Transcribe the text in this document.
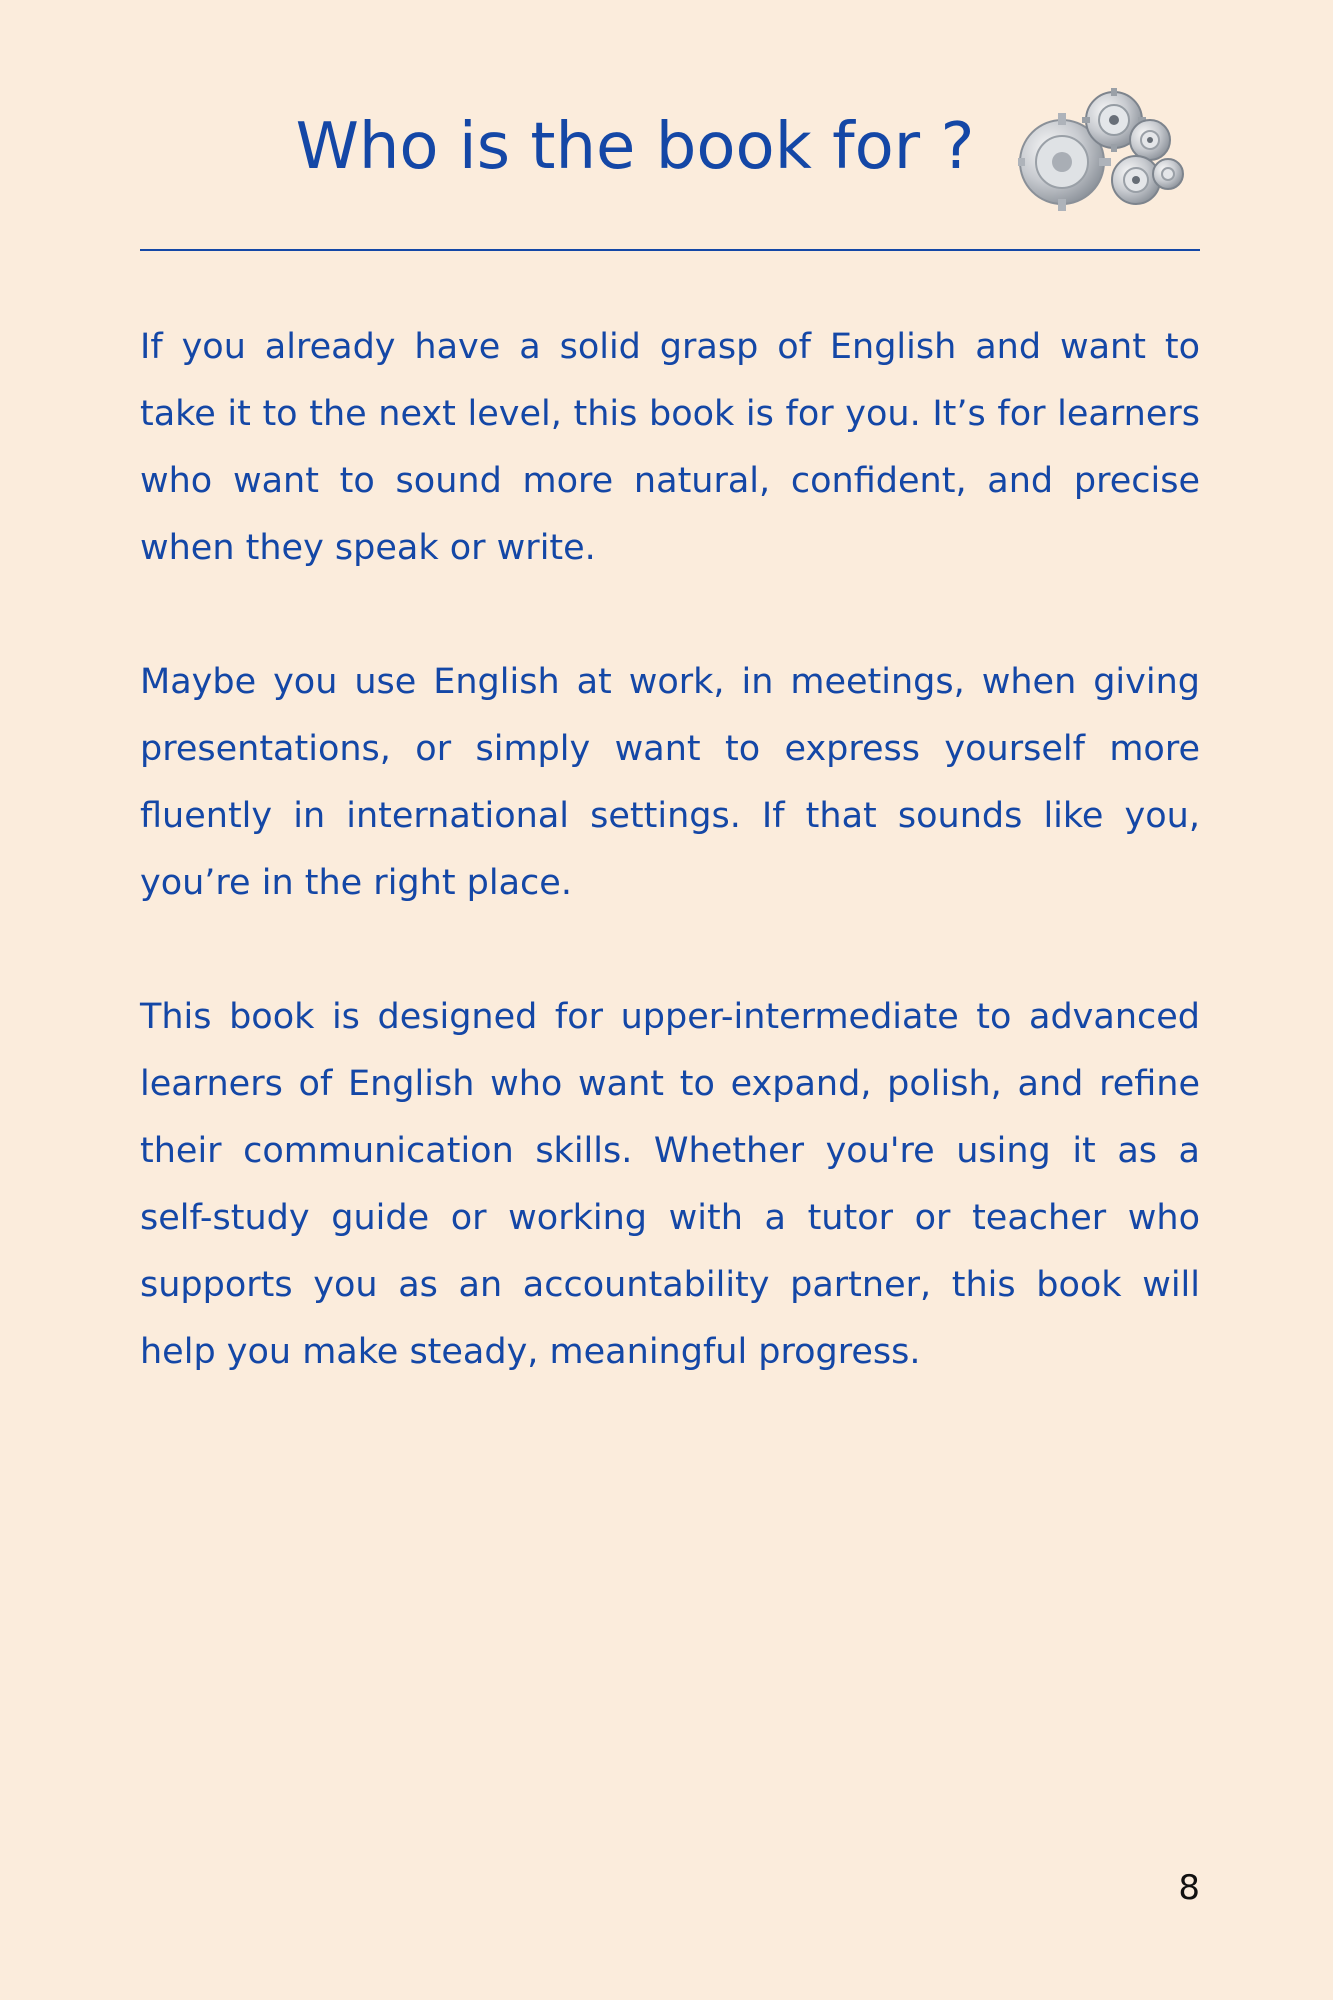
Who is the book for ?

If you already have a solid grasp of English and want to take it to the next level, this book is for you. It’s for learners who want to sound more natural, confident, and precise when they speak or write.

Maybe you use English at work, in meetings, when giving presentations, or simply want to express yourself more fluently in international settings. If that sounds like you, you’re in the right place.

This book is designed for upper-intermediate to advanced learners of English who want to expand, polish, and refine their communication skills. Whether you're using it as a self-study guide or working with a tutor or teacher who supports you as an accountability partner, this book will help you make steady, meaningful progress.

8
